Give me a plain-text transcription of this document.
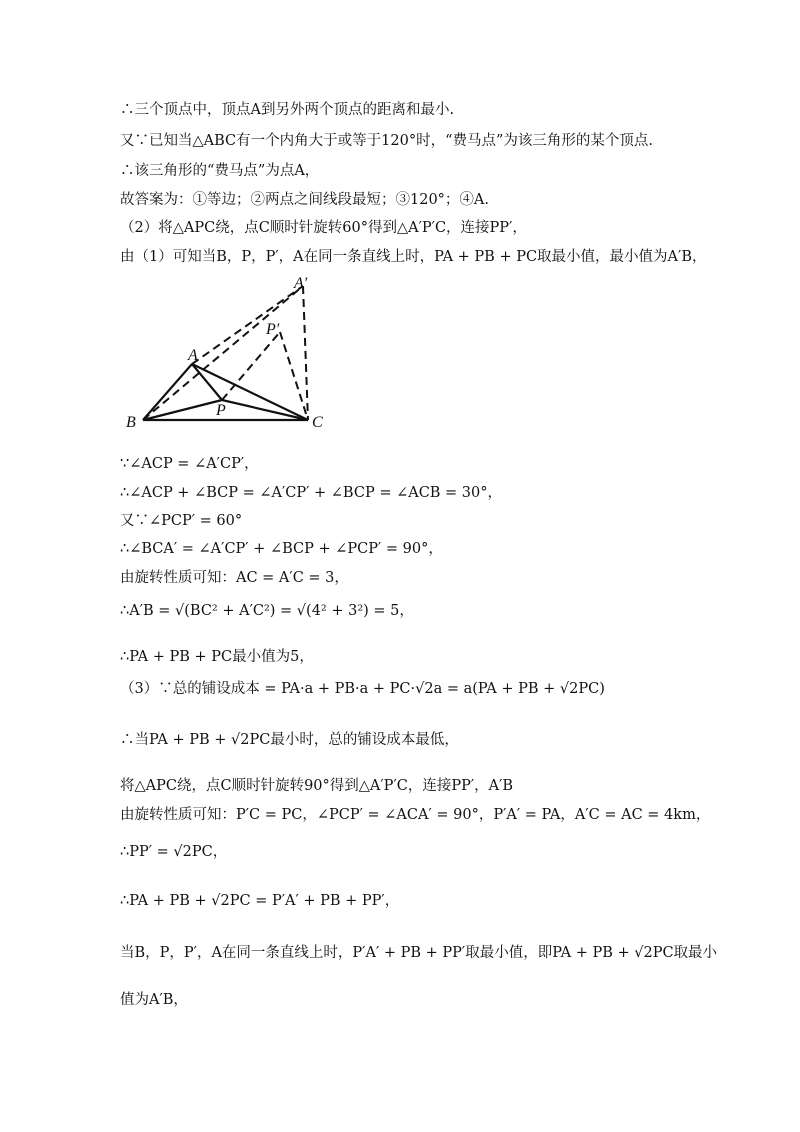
∴三个顶点中，顶点A到另外两个顶点的距离和最小.
又∵已知当△ABC有一个内角大于或等于120°时，“费马点”为该三角形的某个顶点.
∴该三角形的“费马点”为点A，
故答案为：①等边；②两点之间线段最短；③120°；④A.
（2）将△APC绕，点C顺时针旋转60°得到△A′P′C，连接PP′，
由（1）可知当B，P，P′，A在同一条直线上时，PA + PB + PC取最小值，最小值为A′B，
A′
P′
A
P
B	C
∵∠ACP = ∠A′CP′，
∴∠ACP + ∠BCP = ∠A′CP′ + ∠BCP = ∠ACB = 30°，
又∵∠PCP′ = 60°
∴∠BCA′ = ∠A′CP′ + ∠BCP + ∠PCP′ = 90°，
由旋转性质可知：AC = A′C = 3，
∴A′B = √(BC² + A′C²) = √(4² + 3²) = 5，
∴PA + PB + PC最小值为5，
（3）∵总的铺设成本 = PA·a + PB·a + PC·√2a = a(PA + PB + √2PC)
∴当PA + PB + √2PC最小时，总的铺设成本最低，
将△APC绕，点C顺时针旋转90°得到△A′P′C，连接PP′，A′B
由旋转性质可知：P′C = PC，∠PCP′ = ∠ACA′ = 90°，P′A′ = PA，A′C = AC = 4km，
∴PP′ = √2PC，
∴PA + PB + √2PC = P′A′ + PB + PP′，
当B，P，P′，A在同一条直线上时，P′A′ + PB + PP′取最小值，即PA + PB + √2PC取最小
值为A′B，
